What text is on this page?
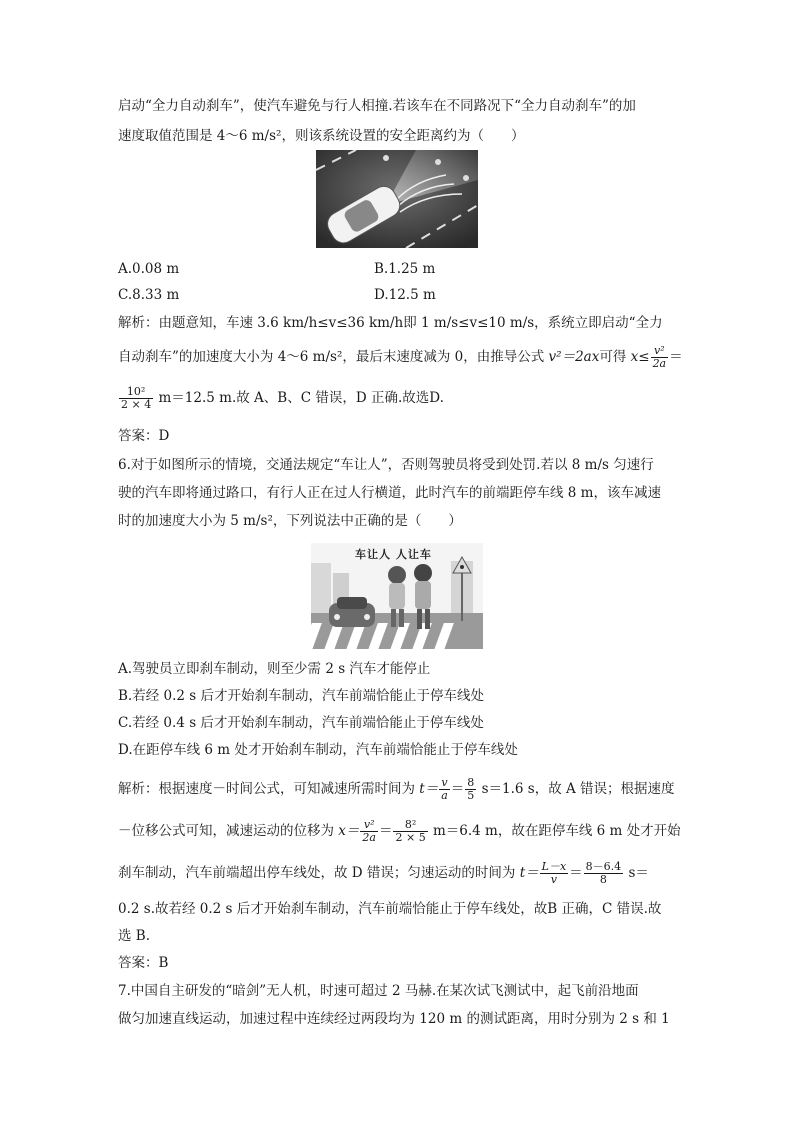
启动“全力自动刹车”，使汽车避免与行人相撞.若该车在不同路况下“全力自动刹车”的加
速度取值范围是 4～6 m/s²，则该系统设置的安全距离约为（　　）
A.0.08 m	B.1.25 m
C.8.33 m	D.12.5 m
解析：由题意知，车速 3.6 km/h≤v≤36 km/h即 1 m/s≤v≤10 m/s，系统立即启动“全力
自动刹车”的加速度大小为 4～6 m/s²，最后末速度减为 0，由推导公式 v²＝2ax可得 $x\le \frac{\text{v²}}{2a}$ ＝
$\frac{\text{10²}}{2 \times 4} m=12.5$ m.故 A、B、C 错误，D 正确.故选D.
答案：D
6.对于如图所示的情境，交通法规定“车让人”，否则驾驶员将受到处罚.若以 8 m/s 匀速行
驶的汽车即将通过路口，有行人正在过人行横道，此时汽车的前端距停车线 8 m，该车减速
时的加速度大小为 5 m/s²，下列说法中正确的是（　　）
车让人 人让车
A.驾驶员立即刹车制动，则至少需 2 s 汽车才能停止
B.若经 0.2 s 后才开始刹车制动，汽车前端恰能止于停车线处
C.若经 0.4 s 后才开始刹车制动，汽车前端恰能止于停车线处
D.在距停车线 6 m 处才开始刹车制动，汽车前端恰能止于停车线处
解析：根据速度－时间公式，可知减速所需时间为 $t= \frac{v}{a} = \frac{8}{5} s=1.6$ s，故 A 错误；根据速度
－位移公式可知，减速运动的位移为 $x= \frac{\text{v²}}{2a} = \frac{\text{8²}}{2 \times 5} m=6.4$ m，故在距停车线 6 m 处才开始
刹车制动，汽车前端超出停车线处，故 D 错误；匀速运动的时间为 $t= \frac{L-x}{v} = \frac{8-6.4}{8} s=$
0.2 s.故若经 0.2 s 后才开始刹车制动，汽车前端恰能止于停车线处，故B 正确，C 错误.故
选 B.
答案：B
7.中国自主研发的“暗剑”无人机，时速可超过 2 马赫.在某次试飞测试中，起飞前沿地面
做匀加速直线运动，加速过程中连续经过两段均为 120 m 的测试距离，用时分别为 2 s 和 1
